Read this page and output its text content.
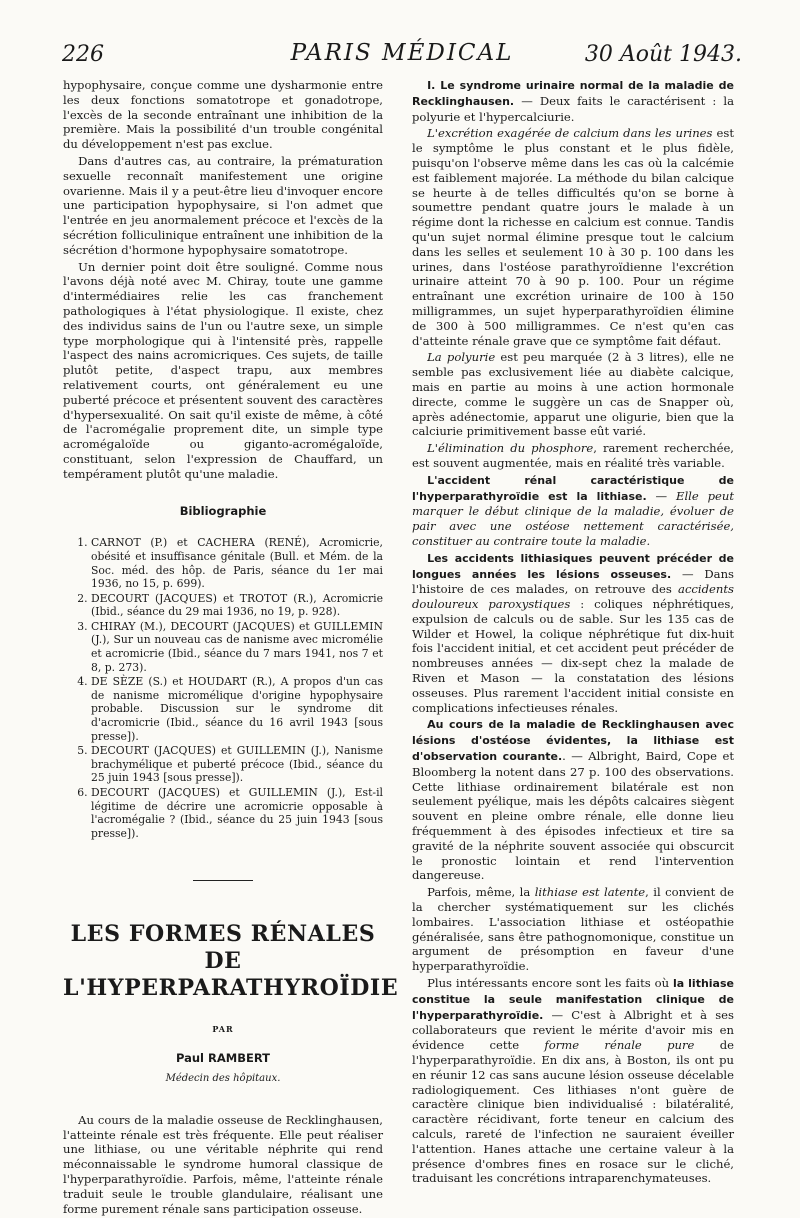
226	PARIS MÉDICAL	30 Août 1943.

hypophysaire, conçue comme une dysharmonie entre les deux fonctions somatotrope et gonadotrope, l'excès de la seconde entraînant une inhibition de la première. Mais la possibilité d'un trouble congénital du développement n'est pas exclue.

Dans d'autres cas, au contraire, la prématuration sexuelle reconnaît manifestement une origine ovarienne. Mais il y a peut-être lieu d'invoquer encore une participation hypophysaire, si l'on admet que l'entrée en jeu anormalement précoce et l'excès de la sécrétion folliculinique entraînent une inhibition de la sécrétion d'hormone hypophysaire somatotrope.

Un dernier point doit être souligné. Comme nous l'avons déjà noté avec M. Chiray, toute une gamme d'intermédiaires relie les cas franchement pathologiques à l'état physiologique. Il existe, chez des individus sains de l'un ou l'autre sexe, un simple type morphologique qui à l'intensité près, rappelle l'aspect des nains acromicriques. Ces sujets, de taille plutôt petite, d'aspect trapu, aux membres relativement courts, ont généralement eu une puberté précoce et présentent souvent des caractères d'hypersexualité. On sait qu'il existe de même, à côté de l'acromégalie proprement dite, un simple type acromégaloïde ou giganto-acromégaloïde, constituant, selon l'expression de Chauffard, un tempérament plutôt qu'une maladie.

Bibliographie
1. CARNOT (P.) et CACHERA (RENÉ), Acromicrie, obésité et insuffisance génitale (Bull. et Mém. de la Soc. méd. des hôp. de Paris, séance du 1er mai 1936, no 15, p. 699).
2. DECOURT (JACQUES) et TROTOT (R.), Acromicrie (Ibid., séance du 29 mai 1936, no 19, p. 928).
3. CHIRAY (M.), DECOURT (JACQUES) et GUILLEMIN (J.), Sur un nouveau cas de nanisme avec micromélie et acromicrie (Ibid., séance du 7 mars 1941, nos 7 et 8, p. 273).
4. DE SÈZE (S.) et HOUDART (R.), A propos d'un cas de nanisme micromélique d'origine hypophysaire probable. Discussion sur le syndrome dit d'acromicrie (Ibid., séance du 16 avril 1943 [sous presse]).
5. DECOURT (JACQUES) et GUILLEMIN (J.), Nanisme brachymélique et puberté précoce (Ibid., séance du 25 juin 1943 [sous presse]).
6. DECOURT (JACQUES) et GUILLEMIN (J.), Est-il légitime de décrire une acromicrie opposable à l'acromégalie ? (Ibid., séance du 25 juin 1943 [sous presse]).
LES FORMES RÉNALES
DE L'HYPERPARATHYROÏDIE
PAR
Paul RAMBERT
Médecin des hôpitaux.

Au cours de la maladie osseuse de Recklinghausen, l'atteinte rénale est très fréquente. Elle peut réaliser une lithiase, ou une véritable néphrite qui rend méconnaissable le syndrome humoral classique de l'hyperparathyroïdie. Parfois, même, l'atteinte rénale traduit seule le trouble glandulaire, réalisant une forme purement rénale sans participation osseuse.

I. Le syndrome urinaire normal de la maladie de Recklinghausen. — Deux faits le caractérisent : la polyurie et l'hypercalciurie.

L'excrétion exagérée de calcium dans les urines est le symptôme le plus constant et le plus fidèle, puisqu'on l'observe même dans les cas où la calcémie est faiblement majorée. La méthode du bilan calcique se heurte à de telles difficultés qu'on se borne à soumettre pendant quatre jours le malade à un régime dont la richesse en calcium est connue. Tandis qu'un sujet normal élimine presque tout le calcium dans les selles et seulement 10 à 30 p. 100 dans les urines, dans l'ostéose parathyroïdienne l'excrétion urinaire atteint 70 à 90 p. 100. Pour un régime entraînant une excrétion urinaire de 100 à 150 milligrammes, un sujet hyperparathyroïdien élimine de 300 à 500 milligrammes. Ce n'est qu'en cas d'atteinte rénale grave que ce symptôme fait défaut.

La polyurie est peu marquée (2 à 3 litres), elle ne semble pas exclusivement liée au diabète calcique, mais en partie au moins à une action hormonale directe, comme le suggère un cas de Snapper où, après adénectomie, apparut une oligurie, bien que la calciurie primitivement basse eût varié.

L'élimination du phosphore, rarement recherchée, est souvent augmentée, mais en réalité très variable.

L'accident rénal caractéristique de l'hyperparathyroïdie est la lithiase. — Elle peut marquer le début clinique de la maladie, évoluer de pair avec une ostéose nettement caractérisée, constituer au contraire toute la maladie.

Les accidents lithiasiques peuvent précéder de longues années les lésions osseuses. — Dans l'histoire de ces malades, on retrouve des accidents douloureux paroxystiques : coliques néphrétiques, expulsion de calculs ou de sable. Sur les 135 cas de Wilder et Howel, la colique néphrétique fut dix-huit fois l'accident initial, et cet accident peut précéder de nombreuses années — dix-sept chez la malade de Riven et Mason — la constatation des lésions osseuses. Plus rarement l'accident initial consiste en complications infectieuses rénales.

Au cours de la maladie de Recklinghausen avec lésions d'ostéose évidentes, la lithiase est d'observation courante.. — Albright, Baird, Cope et Bloomberg la notent dans 27 p. 100 des observations. Cette lithiase ordinairement bilatérale est non seulement pyélique, mais les dépôts calcaires siègent souvent en pleine ombre rénale, elle donne lieu fréquemment à des épisodes infectieux et tire sa gravité de la néphrite souvent associée qui obscurcit le pronostic lointain et rend l'intervention dangereuse.

Parfois, même, la lithiase est latente, il convient de la chercher systématiquement sur les clichés lombaires. L'association lithiase et ostéopathie généralisée, sans être pathognomonique, constitue un argument de présomption en faveur d'une hyperparathyroïdie.

Plus intéressants encore sont les faits où la lithiase constitue la seule manifestation clinique de l'hyperparathyroïdie. — C'est à Albright et à ses collaborateurs que revient le mérite d'avoir mis en évidence cette forme rénale pure de l'hyperparathyroïdie. En dix ans, à Boston, ils ont pu en réunir 12 cas sans aucune lésion osseuse décelable radiologiquement. Ces lithiases n'ont guère de caractère clinique bien individualisé : bilatéralité, caractère récidivant, forte teneur en calcium des calculs, rareté de l'infection ne sauraient éveiller l'attention. Hanes attache une certaine valeur à la présence d'ombres fines en rosace sur le cliché, traduisant les concrétions intraparenchymateuses.
